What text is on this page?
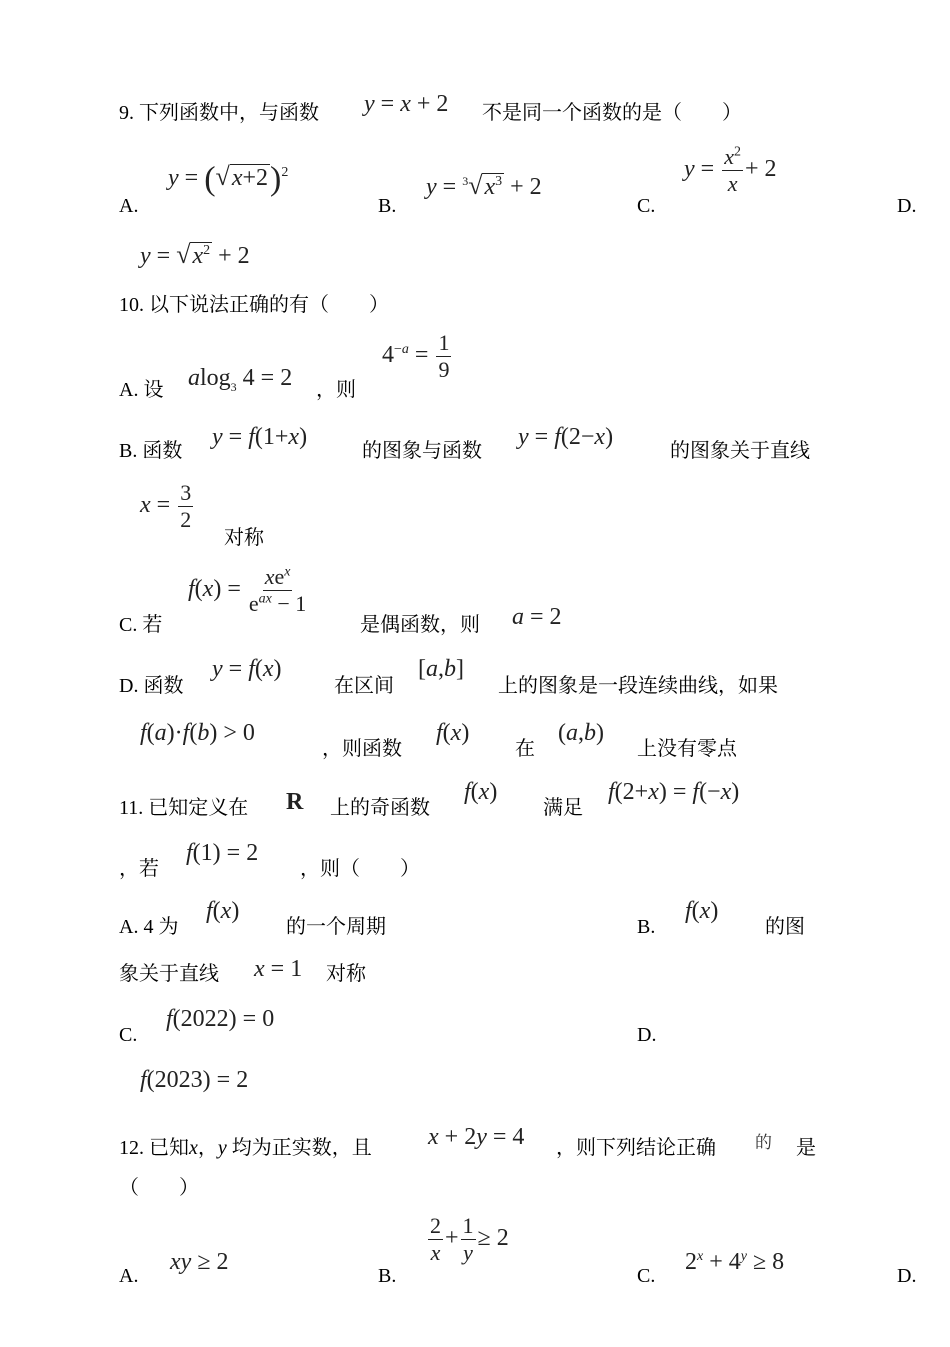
9. 下列函数中，与函数 y = x + 2 不是同一个函数的是（　　）
A.
$y = (√x+2)^2$
B.
$y = ^3√x^3 + 2$
C.
$y = \frac{x^2}{x} + 2$
D.
$y = √x^2 + 2$
10. 以下说法正确的有（　　）
A. 设 alog$_3$ 4 = 2 ，则
$4^{-a} = \frac{1}{9}$
B. 函数
y = f(1+x)
的图象与函数
y = f(2−x)
的图象关于直线
$x = \frac{3}{2}$
对称
C. 若
$f(x) = \frac{xe^x}{e^{ax} - 1}$
是偶函数，则 a = 2
D. 函数
y = f(x)
在区间
[a,b]
上的图象是一段连续曲线，如果
f(a)·f(b) > 0
，则函数
f(x)
在
(a,b)
上没有零点
11. 已知定义在 R 上的奇函数
f(x)
满足
f(2+x) = f(−x)
，若
f(1) = 2
，则（　　）
A. 4 为
f(x)
的一个周期	B.
f(x)
的图
象关于直线 x = 1 对称
C.
f(2022) = 0
D.
f(2023) = 2
12. 已知x，y 均为正实数，且 x + 2y = 4 ，则下列结论正确 的 是
（　　）
A.
xy ≥ 2
B.
$\frac{2}{x} + \frac{1}{y} \ge 2$
C.
$2^x + 4^y \ge 8$
D.
